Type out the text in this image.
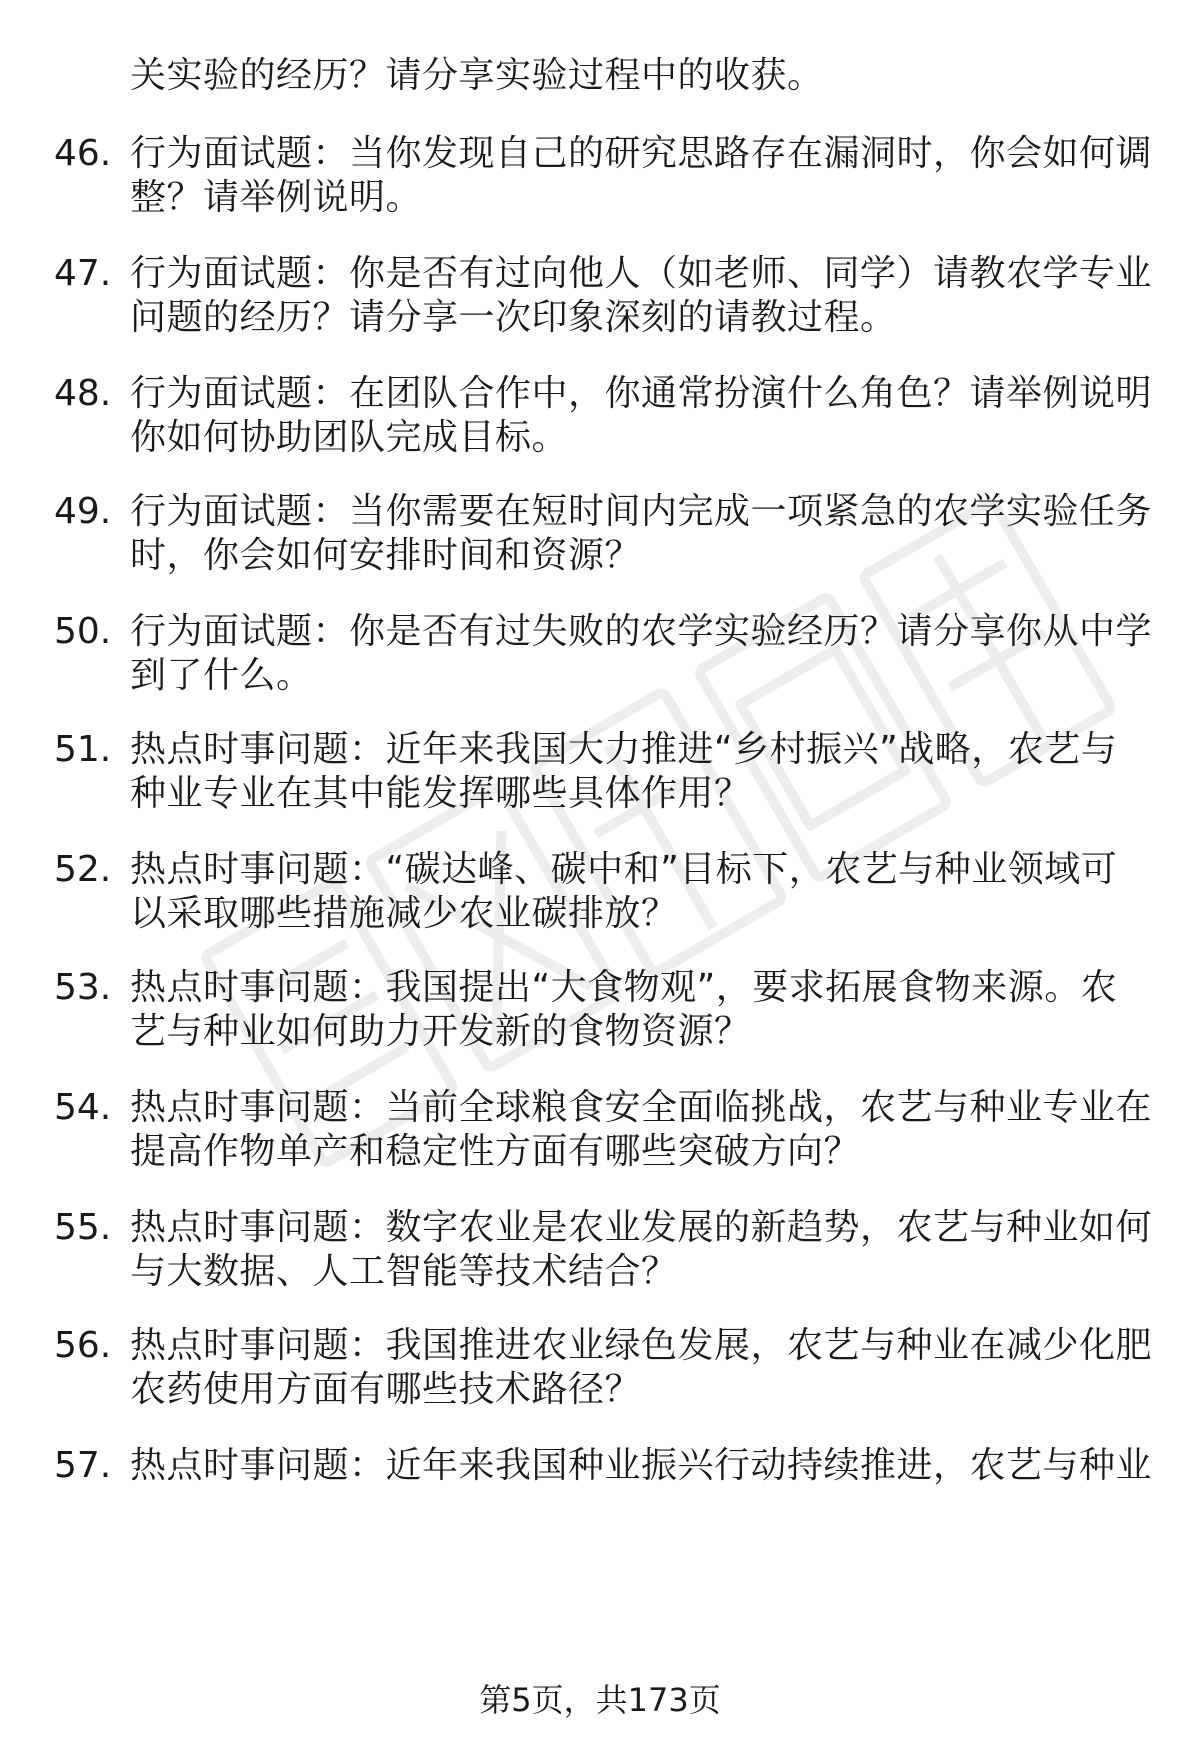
关实验的经历？请分享实验过程中的收获。
46. 行为面试题：当你发现自己的研究思路存在漏洞时，你会如何调
整？请举例说明。
47. 行为面试题：你是否有过向他人（如老师、同学）请教农学专业
问题的经历？请分享一次印象深刻的请教过程。
48. 行为面试题：在团队合作中，你通常扮演什么角色？请举例说明
你如何协助团队完成目标。
49. 行为面试题：当你需要在短时间内完成一项紧急的农学实验任务
时，你会如何安排时间和资源？
50. 行为面试题：你是否有过失败的农学实验经历？请分享你从中学
到了什么。
51. 热点时事问题：近年来我国大力推进“乡村振兴”战略，农艺与
种业专业在其中能发挥哪些具体作用？
52. 热点时事问题：“碳达峰、碳中和”目标下，农艺与种业领域可
以采取哪些措施减少农业碳排放？
53. 热点时事问题：我国提出“大食物观”，要求拓展食物来源。农
艺与种业如何助力开发新的食物资源？
54. 热点时事问题：当前全球粮食安全面临挑战，农艺与种业专业在
提高作物单产和稳定性方面有哪些突破方向？
55. 热点时事问题：数字农业是农业发展的新趋势，农艺与种业如何
与大数据、人工智能等技术结合？
56. 热点时事问题：我国推进农业绿色发展，农艺与种业在减少化肥
农药使用方面有哪些技术路径？
57. 热点时事问题：近年来我国种业振兴行动持续推进，农艺与种业
第5页，共173页
